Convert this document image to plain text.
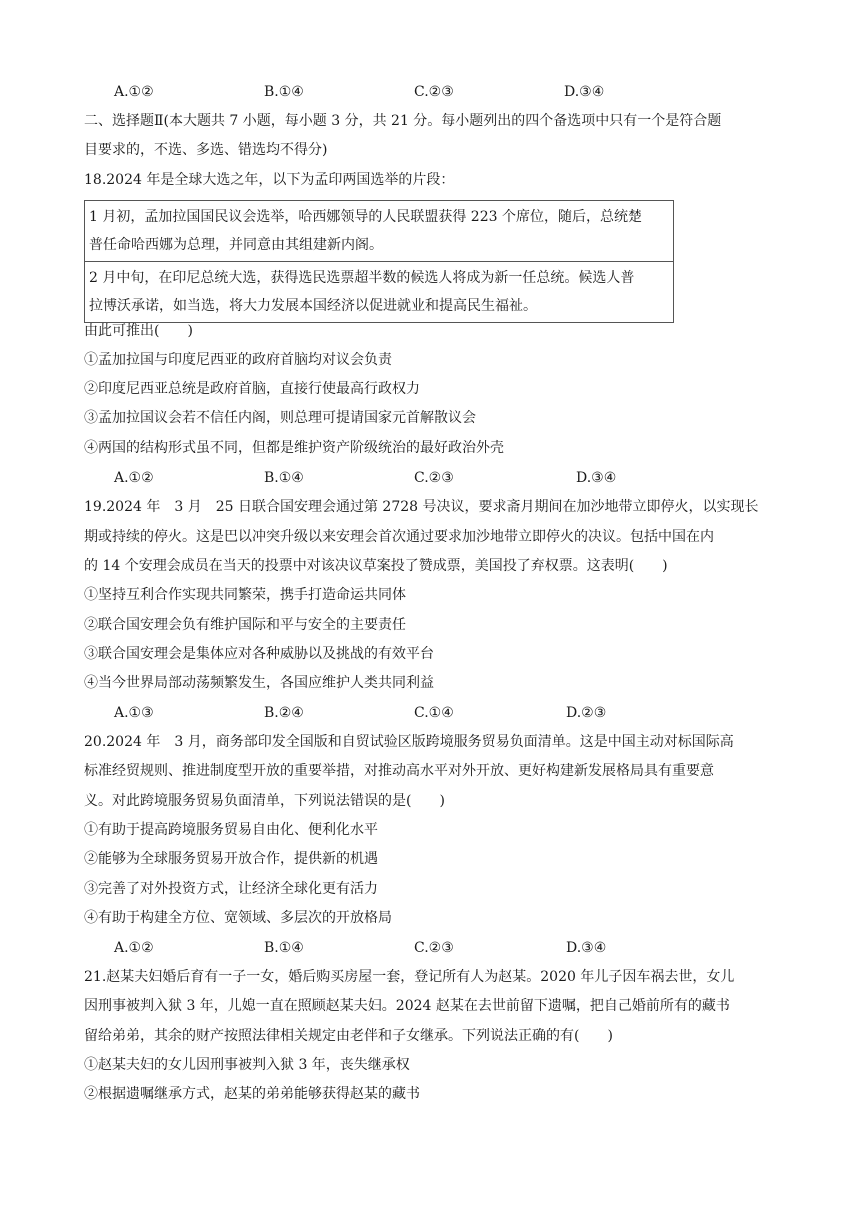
A.①②	B.①④	C.②③	D.③④
二、选择题Ⅱ(本大题共 7 小题，每小题 3 分，共 21 分。每小题列出的四个备选项中只有一个是符合题
目要求的，不选、多选、错选均不得分)
18.2024 年是全球大选之年，以下为孟印两国选举的片段：
1 月初，孟加拉国国民议会选举，哈西娜领导的人民联盟获得 223 个席位，随后，总统楚
普任命哈西娜为总理，并同意由其组建新内阁。
2 月中旬，在印尼总统大选，获得选民选票超半数的候选人将成为新一任总统。候选人普
拉博沃承诺，如当选，将大力发展本国经济以促进就业和提高民生福祉。
由此可推出(　　)
①孟加拉国与印度尼西亚的政府首脑均对议会负责
②印度尼西亚总统是政府首脑，直接行使最高行政权力
③孟加拉国议会若不信任内阁，则总理可提请国家元首解散议会
④两国的结构形式虽不同，但都是维护资产阶级统治的最好政治外壳
A.①②	B.①④	C.②③	D.③④
19.2024 年　3 月　25 日联合国安理会通过第 2728 号决议，要求斋月期间在加沙地带立即停火，以实现长
期或持续的停火。这是巴以冲突升级以来安理会首次通过要求加沙地带立即停火的决议。包括中国在内
的 14 个安理会成员在当天的投票中对该决议草案投了赞成票，美国投了弃权票。这表明(　　)
①坚持互利合作实现共同繁荣，携手打造命运共同体
②联合国安理会负有维护国际和平与安全的主要责任
③联合国安理会是集体应对各种威胁以及挑战的有效平台
④当今世界局部动荡频繁发生，各国应维护人类共同利益
A.①③	B.②④	C.①④	D.②③
20.2024 年　3 月，商务部印发全国版和自贸试验区版跨境服务贸易负面清单。这是中国主动对标国际高
标准经贸规则、推进制度型开放的重要举措，对推动高水平对外开放、更好构建新发展格局具有重要意
义。对此跨境服务贸易负面清单，下列说法错误的是(　　)
①有助于提高跨境服务贸易自由化、便利化水平
②能够为全球服务贸易开放合作，提供新的机遇
③完善了对外投资方式，让经济全球化更有活力
④有助于构建全方位、宽领域、多层次的开放格局
A.①②	B.①④	C.②③	D.③④
21.赵某夫妇婚后育有一子一女，婚后购买房屋一套，登记所有人为赵某。2020 年儿子因车祸去世，女儿
因刑事被判入狱 3 年，儿媳一直在照顾赵某夫妇。2024 赵某在去世前留下遗嘱，把自己婚前所有的藏书
留给弟弟，其余的财产按照法律相关规定由老伴和子女继承。下列说法正确的有(　　)
①赵某夫妇的女儿因刑事被判入狱 3 年，丧失继承权
②根据遗嘱继承方式，赵某的弟弟能够获得赵某的藏书
